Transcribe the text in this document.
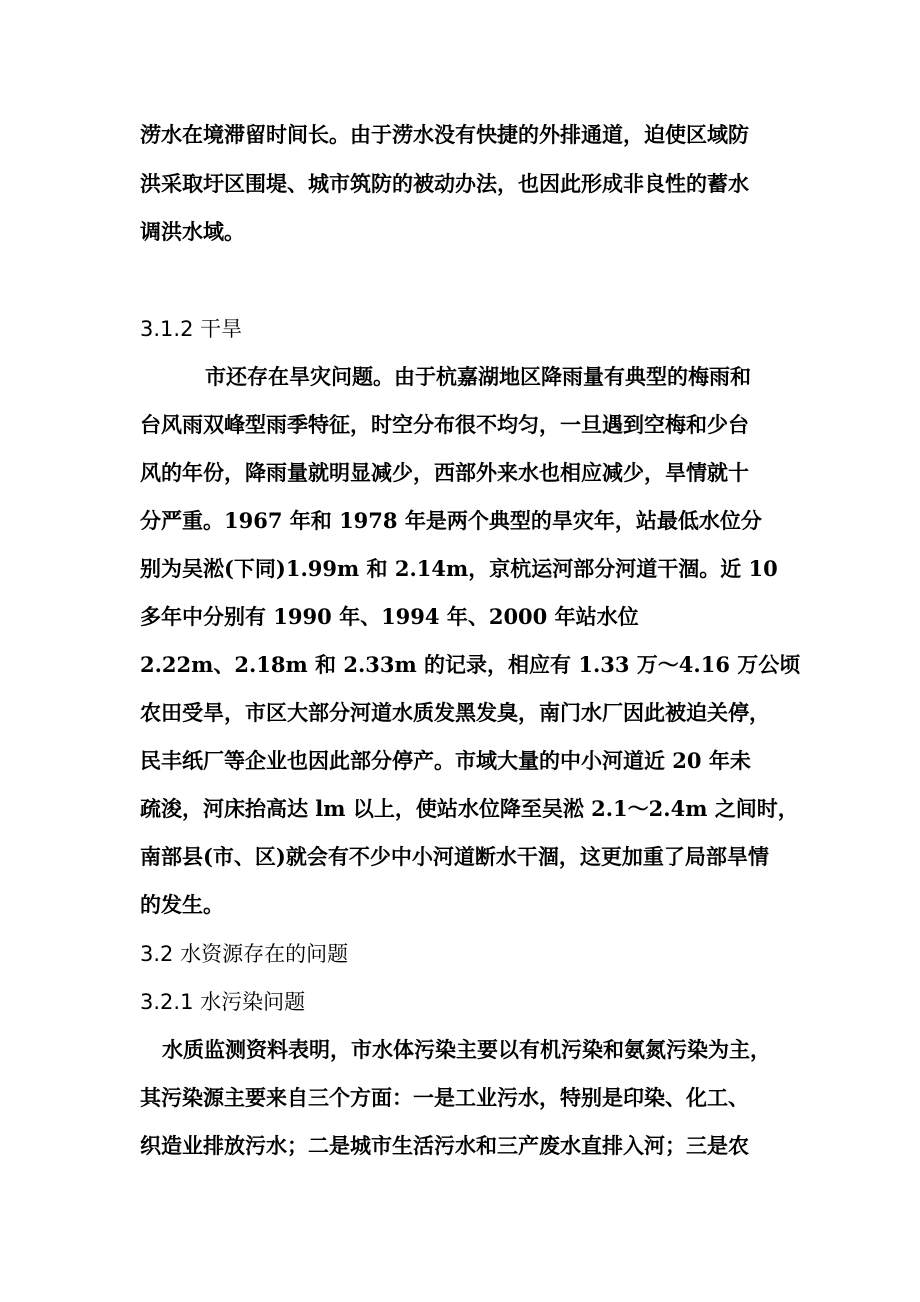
涝水在境滞留时间长。由于涝水没有快捷的外排通道，迫使区域防
洪采取圩区围堤、城市筑防的被动办法，也因此形成非良性的蓄水
调洪水域。
3.1.2 干旱
市还存在旱灾问题。由于杭嘉湖地区降雨量有典型的梅雨和
台风雨双峰型雨季特征，时空分布很不均匀，一旦遇到空梅和少台
风的年份，降雨量就明显减少，西部外来水也相应减少，旱情就十
分严重。1967 年和 1978 年是两个典型的旱灾年，站最低水位分
别为吴淞(下同)1.99m 和 2.14m，京杭运河部分河道干涸。近 10
多年中分别有 1990 年、1994 年、2000 年站水位
2.22m、2.18m 和 2.33m 的记录，相应有 1.33 万～4.16 万公顷
农田受旱，市区大部分河道水质发黑发臭，南门水厂因此被迫关停，
民丰纸厂等企业也因此部分停产。市域大量的中小河道近 20 年未
疏浚，河床抬高达 lm 以上，使站水位降至吴淞 2.1～2.4m 之间时，
南部县(市、区)就会有不少中小河道断水干涸，这更加重了局部旱情
的发生。
3.2 水资源存在的问题
3.2.1 水污染问题
水质监测资料表明，市水体污染主要以有机污染和氨氮污染为主，
其污染源主要来自三个方面：一是工业污水，特别是印染、化工、
织造业排放污水；二是城市生活污水和三产废水直排入河；三是农
